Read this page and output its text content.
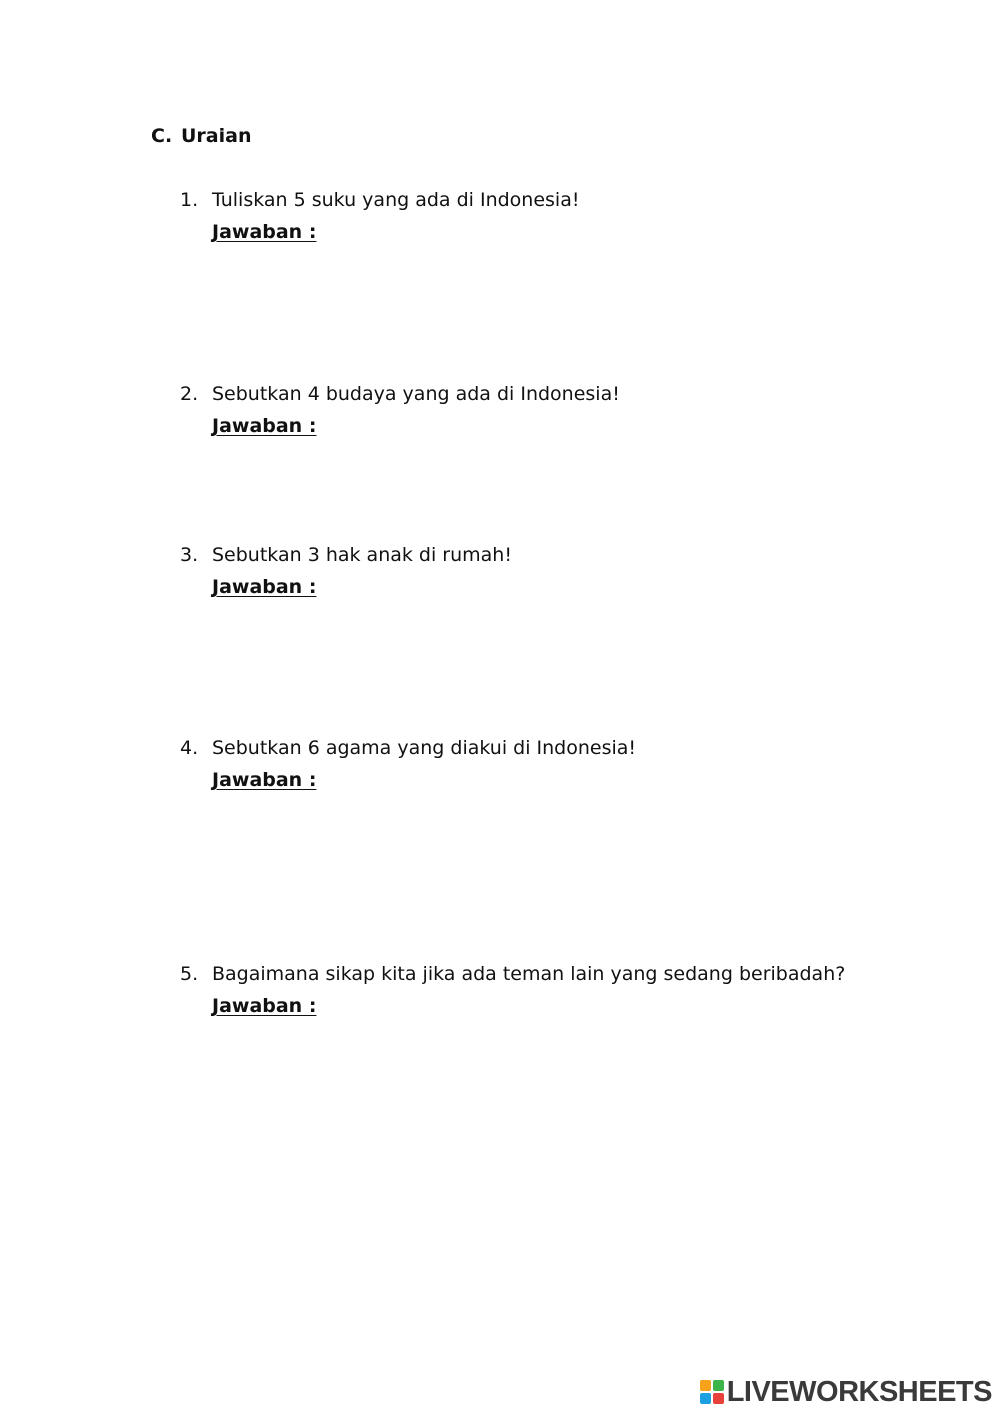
C. Uraian
1. Tuliskan 5 suku yang ada di Indonesia!
Jawaban :
2. Sebutkan 4 budaya yang ada di Indonesia!
Jawaban :
3. Sebutkan 3 hak anak di rumah!
Jawaban :
4. Sebutkan 6 agama yang diakui di Indonesia!
Jawaban :
5. Bagaimana sikap kita jika ada teman lain yang sedang beribadah?
Jawaban :
LIVEWORKSHEETS
